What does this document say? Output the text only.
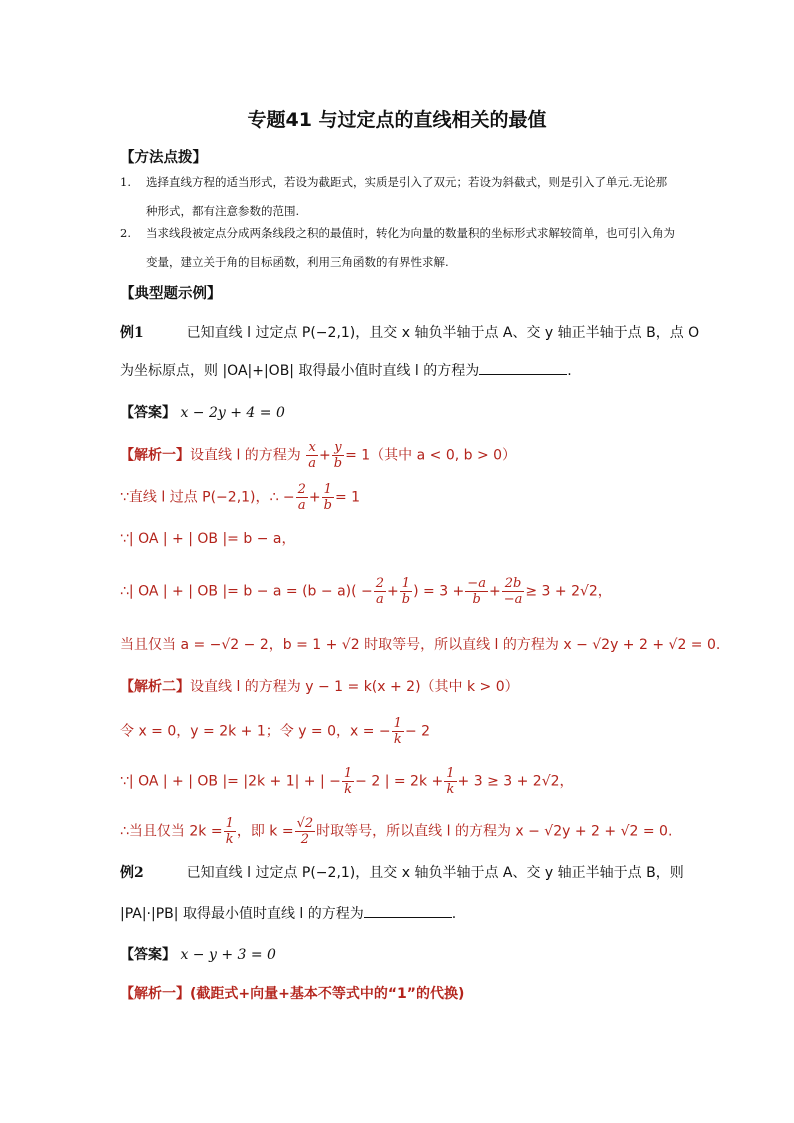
专题41 与过定点的直线相关的最值
【方法点拨】
1.	选择直线方程的适当形式，若设为截距式，实质是引入了双元；若设为斜截式，则是引入了单元.无论那种形式，都有注意参数的范围.
2.	当求线段被定点分成两条线段之积的最值时，转化为向量的数量积的坐标形式求解较简单，也可引入角为变量，建立关于角的目标函数，利用三角函数的有界性求解.
【典型题示例】
例1	已知直线 l 过定点 P(−2,1)，且交 x 轴负半轴于点 A、交 y 轴正半轴于点 B，点 O
为坐标原点，则 |OA|+|OB| 取得最小值时直线 l 的方程为	.
【答案】 x − 2y + 4 = 0
【解析一】设直线 l 的方程为 $\frac{x}{a} + \frac{y}{b} = 1$（其中 a < 0, b > 0）
∵直线 l 过点 P(−2,1)，∴ − $\frac{2}{a} + \frac{1}{b} = 1$
∵| OA | + | OB |= b − a，
∴| OA | + | OB |= $b - a = (b - a)( - \frac{2}{a} + \frac{1}{b}$ ) = $3 + \frac{-a}{b} + \frac{2b}{-a} \ge 3 + 2√2$，
当且仅当 a = −√2 − 2，b = 1 + √2 时取等号，所以直线 l 的方程为 x − √2y + 2 + √2 = 0.
【解析二】设直线 l 的方程为 y − 1 = k(x + 2)（其中 k > 0）
令 x = 0，y = 2k + 1；令 y = 0，x = − $\frac{1}{k} - 2$
∵| OA | + | OB |= |2k + 1| + | − $\frac{1}{k} - 2$ | = $2k + \frac{1}{k} + 3 \ge 3 + 2√2$，
∴当且仅当 $2k = \frac{1}{k}$ ，即 $k = \frac{√2}{2}$ 时取等号，所以直线 l 的方程为 x − √2y + 2 + √2 = 0.
例2	已知直线 l 过定点 P(−2,1)，且交 x 轴负半轴于点 A、交 y 轴正半轴于点 B，则
|PA|·|PB| 取得最小值时直线 l 的方程为	.
【答案】 x − y + 3 = 0
【解析一】(截距式+向量+基本不等式中的“1”的代换)
